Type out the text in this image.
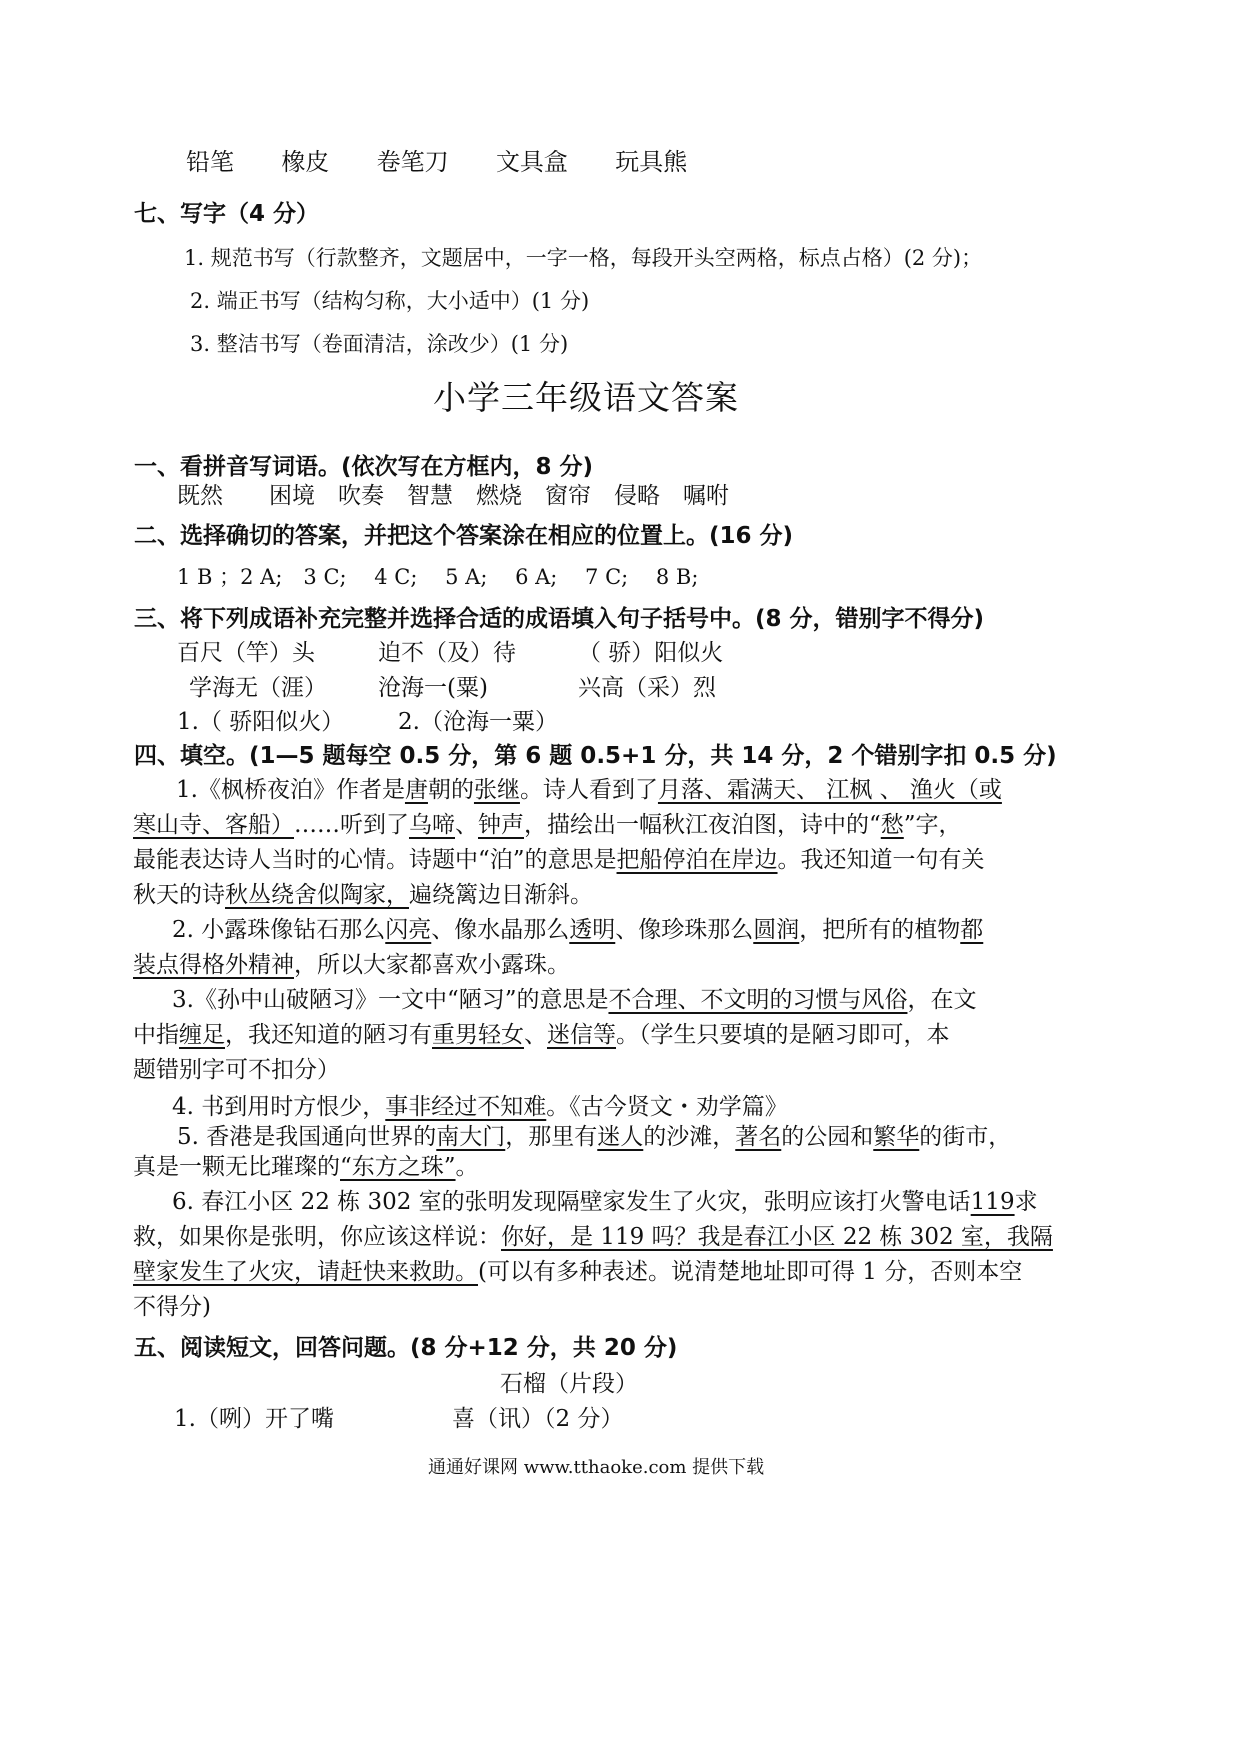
铅笔 橡皮 卷笔刀 文具盒 玩具熊
七、写字（4 分）
1. 规范书写（行款整齐，文题居中，一字一格，每段开头空两格，标点占格）(2 分)；
2. 端正书写（结构匀称，大小适中）(1 分)
3. 整洁书写（卷面清洁，涂改少）(1 分)
小学三年级语文答案
一、看拼音写词语。(依次写在方框内，8 分)
既然　　困境　吹奏　智慧　燃烧　窗帘　侵略　嘱咐
二、选择确切的答案，并把这个答案涂在相应的位置上。(16 分)
1 B ；2 A;　3 C;　 4 C;　 5 A;　 6 A;　 7 C;　 8 B;
三、将下列成语补充完整并选择合适的成语填入句子括号中。(8 分，错别字不得分)
百尺（竿）头	迫不（及）待	（ 骄）阳似火
学海无（涯） 沧海一(粟)	兴高（采）烈
1.（ 骄阳似火） 2.（沧海一粟）
四、填空。(1—5 题每空 0.5 分，第 6 题 0.5+1 分，共 14 分，2 个错别字扣 0.5 分)
1.《枫桥夜泊》作者是唐朝的张继。诗人看到了月落、霜满天、 江枫 、 渔火（或
寒山寺、客船）……听到了乌啼、钟声，描绘出一幅秋江夜泊图，诗中的“愁”字，
最能表达诗人当时的心情。诗题中“泊”的意思是把船停泊在岸边。我还知道一句有关
秋天的诗秋丛绕舍似陶家，遍绕篱边日渐斜。
2. 小露珠像钻石那么闪亮、像水晶那么透明、像珍珠那么圆润，把所有的植物都
装点得格外精神，所以大家都喜欢小露珠。
3.《孙中山破陋习》一文中“陋习”的意思是不合理、不文明的习惯与风俗，在文
中指缠足，我还知道的陋习有重男轻女、迷信等。（学生只要填的是陋习即可，本
题错别字可不扣分）
4. 书到用时方恨少，事非经过不知难。《古今贤文・劝学篇》
5. 香港是我国通向世界的南大门，那里有迷人的沙滩，著名的公园和繁华的街市，
真是一颗无比璀璨的“东方之珠”。
6. 春江小区 22 栋 302 室的张明发现隔壁家发生了火灾，张明应该打火警电话119求
救，如果你是张明，你应该这样说：你好，是 119 吗？我是春江小区 22 栋 302 室，我隔
壁家发生了火灾，请赶快来救助。(可以有多种表述。说清楚地址即可得 1 分，否则本空
不得分)
五、阅读短文，回答问题。(8 分+12 分，共 20 分)
石榴（片段）
1.（咧）开了嘴	喜（讯）（2 分）
通通好课网 www.tthaoke.com 提供下载
